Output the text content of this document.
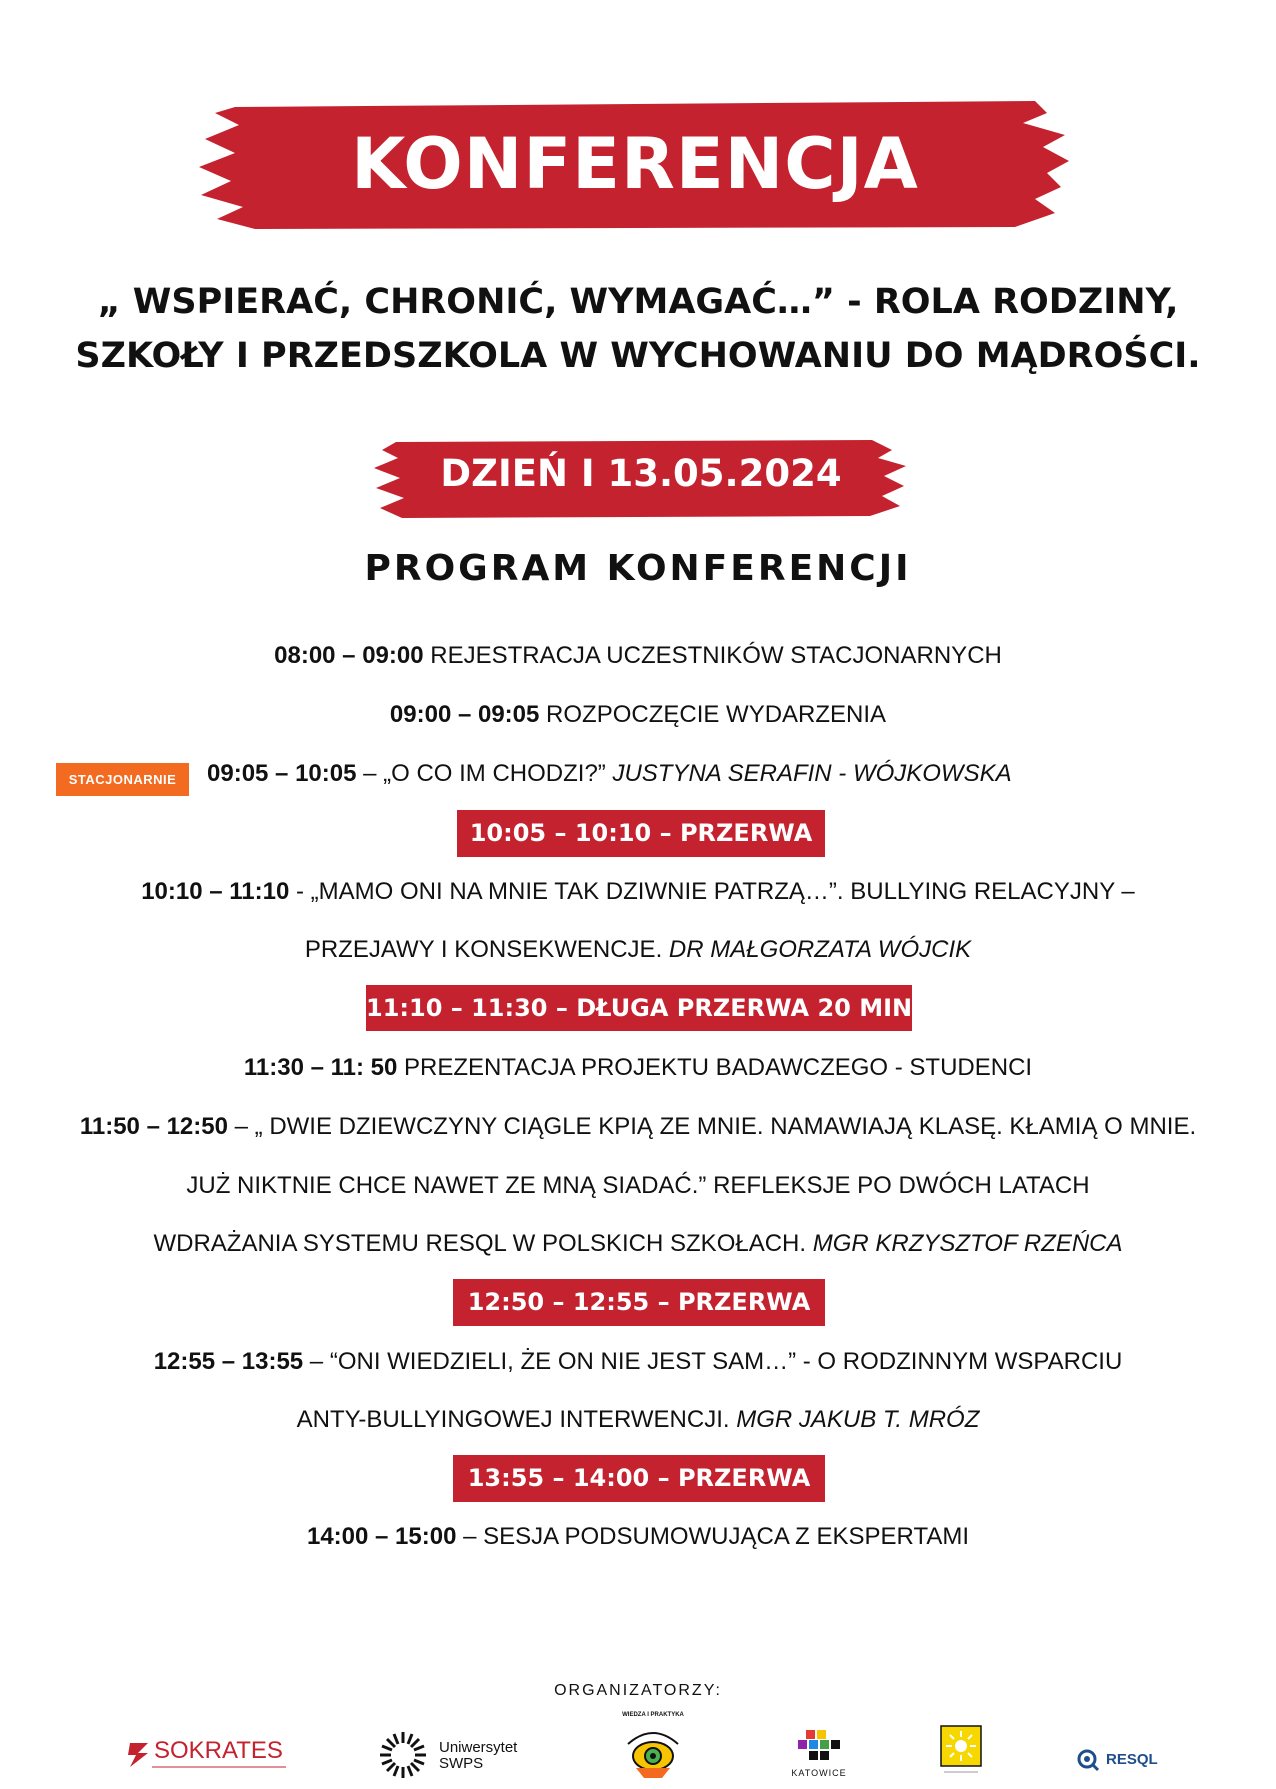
KONFERENCJA
„ WSPIERAĆ, CHRONIĆ, WYMAGAĆ…” - ROLA RODZINY,
SZKOŁY I PRZEDSZKOLA W WYCHOWANIU DO MĄDROŚCI.
DZIEŃ I 13.05.2024
PROGRAM KONFERENCJI
08:00 – 09:00 REJESTRACJA UCZESTNIKÓW STACJONARNYCH
09:00 – 09:05 ROZPOCZĘCIE WYDARZENIA
STACJONARNIE	09:05 – 10:05 – „O CO IM CHODZI?” JUSTYNA SERAFIN - WÓJKOWSKA
10:05 – 10:10 – PRZERWA
10:10 – 11:10 - „MAMO ONI NA MNIE TAK DZIWNIE PATRZĄ…”. BULLYING RELACYJNY –
PRZEJAWY I KONSEKWENCJE. DR MAŁGORZATA WÓJCIK
11:10 – 11:30 – DŁUGA PRZERWA 20 MINUT
11:30 – 11: 50 PREZENTACJA PROJEKTU BADAWCZEGO - STUDENCI
11:50 – 12:50 – „ DWIE DZIEWCZYNY CIĄGLE KPIĄ ZE MNIE. NAMAWIAJĄ KLASĘ. KŁAMIĄ O MNIE.
JUŻ NIKTNIE CHCE NAWET ZE MNĄ SIADAĆ.” REFLEKSJE PO DWÓCH LATACH
WDRAŻANIA SYSTEMU RESQL W POLSKICH SZKOŁACH. MGR KRZYSZTOF RZEŃCA
12:50 – 12:55 – PRZERWA
12:55 – 13:55 – “ONI WIEDZIELI, ŻE ON NIE JEST SAM…” - O RODZINNYM WSPARCIU
ANTY-BULLYINGOWEJ INTERWENCJI. MGR JAKUB T. MRÓZ
13:55 – 14:00 – PRZERWA
14:00 – 15:00 – SESJA PODSUMOWUJĄCA Z EKSPERTAMI
ORGANIZATORZY:
SOKRATES	Uniwersytet
SWPS
WIEDZA I PRAKTYKA
KATOWICE
RESQL
